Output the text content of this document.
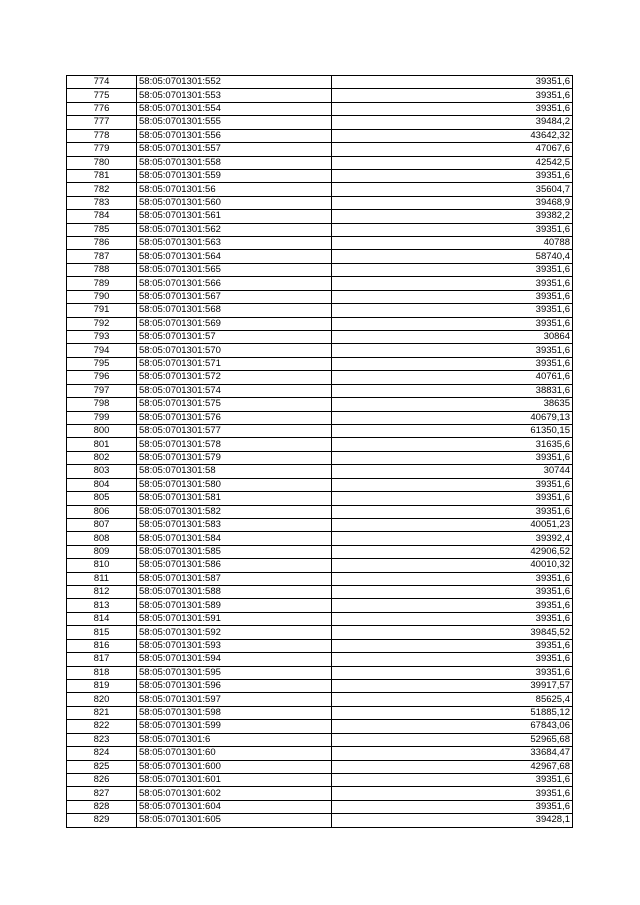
774	58:05:0701301:552	39351,6
775	58:05:0701301:553	39351,6
776	58:05:0701301:554	39351,6
777	58:05:0701301:555	39484,2
778	58:05:0701301:556	43642,32
779	58:05:0701301:557	47067,6
780	58:05:0701301:558	42542,5
781	58:05:0701301:559	39351,6
782	58:05:0701301:56	35604,7
783	58:05:0701301:560	39468,9
784	58:05:0701301:561	39382,2
785	58:05:0701301:562	39351,6
786	58:05:0701301:563	40788
787	58:05:0701301:564	58740,4
788	58:05:0701301:565	39351,6
789	58:05:0701301:566	39351,6
790	58:05:0701301:567	39351,6
791	58:05:0701301:568	39351,6
792	58:05:0701301:569	39351,6
793	58:05:0701301:57	30864
794	58:05:0701301:570	39351,6
795	58:05:0701301:571	39351,6
796	58:05:0701301:572	40761,6
797	58:05:0701301:574	38831,6
798	58:05:0701301:575	38635
799	58:05:0701301:576	40679,13
800	58:05:0701301:577	61350,15
801	58:05:0701301:578	31635,6
802	58:05:0701301:579	39351,6
803	58:05:0701301:58	30744
804	58:05:0701301:580	39351,6
805	58:05:0701301:581	39351,6
806	58:05:0701301:582	39351,6
807	58:05:0701301:583	40051,23
808	58:05:0701301:584	39392,4
809	58:05:0701301:585	42906,52
810	58:05:0701301:586	40010,32
811	58:05:0701301:587	39351,6
812	58:05:0701301:588	39351,6
813	58:05:0701301:589	39351,6
814	58:05:0701301:591	39351,6
815	58:05:0701301:592	39845,52
816	58:05:0701301:593	39351,6
817	58:05:0701301:594	39351,6
818	58:05:0701301:595	39351,6
819	58:05:0701301:596	39917,57
820	58:05:0701301:597	85625,4
821	58:05:0701301:598	51885,12
822	58:05:0701301:599	67843,06
823	58:05:0701301:6	52965,68
824	58:05:0701301:60	33684,47
825	58:05:0701301:600	42967,68
826	58:05:0701301:601	39351,6
827	58:05:0701301:602	39351,6
828	58:05:0701301:604	39351,6
829	58:05:0701301:605	39428,1
